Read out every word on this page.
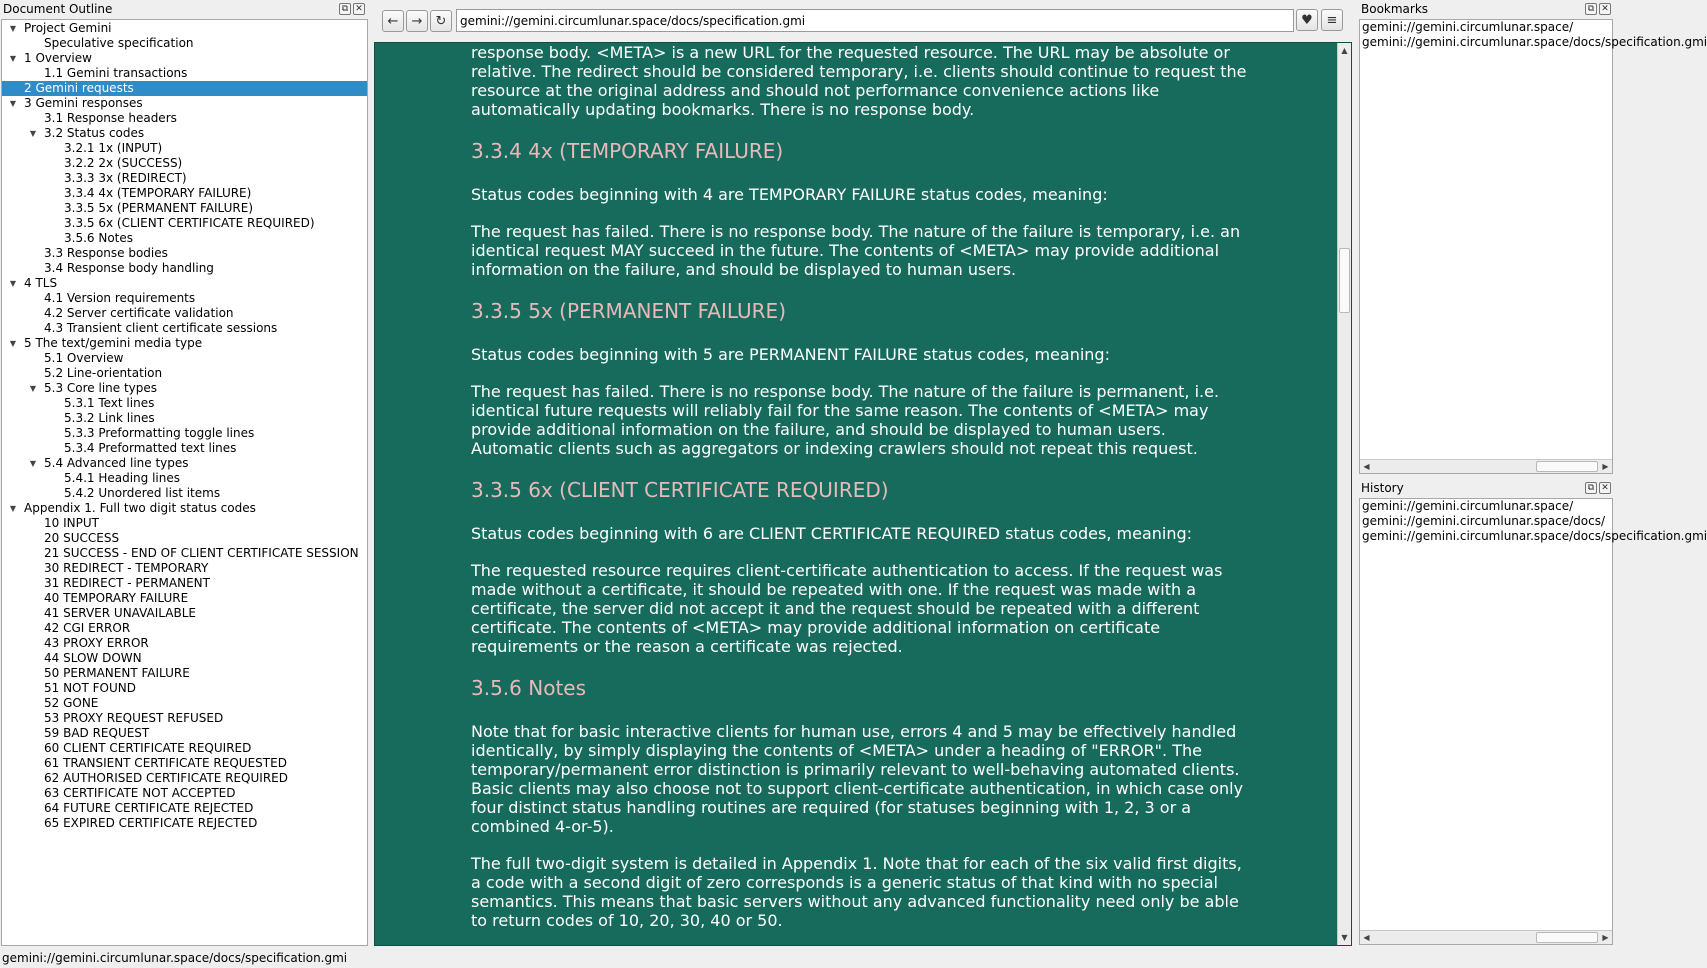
Document Outline	⧉ ✕
▼ Project Gemini
Speculative specification
▼ 1 Overview
1.1 Gemini transactions
2 Gemini requests
▼ 3 Gemini responses
3.1 Response headers
▼ 3.2 Status codes
3.2.1 1x (INPUT)
3.2.2 2x (SUCCESS)
3.3.3 3x (REDIRECT)
3.3.4 4x (TEMPORARY FAILURE)
3.3.5 5x (PERMANENT FAILURE)
3.3.5 6x (CLIENT CERTIFICATE REQUIRED)
3.5.6 Notes
3.3 Response bodies
3.4 Response body handling
▼ 4 TLS
4.1 Version requirements
4.2 Server certificate validation
4.3 Transient client certificate sessions
▼ 5 The text/gemini media type
5.1 Overview
5.2 Line-orientation
▼ 5.3 Core line types
5.3.1 Text lines
5.3.2 Link lines
5.3.3 Preformatting toggle lines
5.3.4 Preformatted text lines
▼ 5.4 Advanced line types
5.4.1 Heading lines
5.4.2 Unordered list items
▼ Appendix 1. Full two digit status codes
10 INPUT
20 SUCCESS
21 SUCCESS - END OF CLIENT CERTIFICATE SESSION
30 REDIRECT - TEMPORARY
31 REDIRECT - PERMANENT
40 TEMPORARY FAILURE
41 SERVER UNAVAILABLE
42 CGI ERROR
43 PROXY ERROR
44 SLOW DOWN
50 PERMANENT FAILURE
51 NOT FOUND
52 GONE
53 PROXY REQUEST REFUSED
59 BAD REQUEST
60 CLIENT CERTIFICATE REQUIRED
61 TRANSIENT CERTIFICATE REQUESTED
62 AUTHORISED CERTIFICATE REQUIRED
63 CERTIFICATE NOT ACCEPTED
64 FUTURE CERTIFICATE REJECTED
65 EXPIRED CERTIFICATE REJECTED
← → ↻
gemini://gemini.circumlunar.space/docs/specification.gmi	♥ ≡

response body. <META> is a new URL for the requested resource. The URL may be absolute or relative. The redirect should be considered temporary, i.e. clients should continue to request the resource at the original address and should not performance convenience actions like automatically updating bookmarks. There is no response body.

3.3.4 4x (TEMPORARY FAILURE)

Status codes beginning with 4 are TEMPORARY FAILURE status codes, meaning:

The request has failed. There is no response body. The nature of the failure is temporary, i.e. an identical request MAY succeed in the future. The contents of <META> may provide additional information on the failure, and should be displayed to human users.

3.3.5 5x (PERMANENT FAILURE)

Status codes beginning with 5 are PERMANENT FAILURE status codes, meaning:

The request has failed. There is no response body. The nature of the failure is permanent, i.e. identical future requests will reliably fail for the same reason. The contents of <META> may provide additional information on the failure, and should be displayed to human users. Automatic clients such as aggregators or indexing crawlers should not repeat this request.

3.3.5 6x (CLIENT CERTIFICATE REQUIRED)

Status codes beginning with 6 are CLIENT CERTIFICATE REQUIRED status codes, meaning:

The requested resource requires client-certificate authentication to access. If the request was made without a certificate, it should be repeated with one. If the request was made with a certificate, the server did not accept it and the request should be repeated with a different certificate. The contents of <META> may provide additional information on certificate requirements or the reason a certificate was rejected.

3.5.6 Notes

Note that for basic interactive clients for human use, errors 4 and 5 may be effectively handled identically, by simply displaying the contents of <META> under a heading of "ERROR". The temporary/permanent error distinction is primarily relevant to well-behaving automated clients. Basic clients may also choose not to support client-certificate authentication, in which case only four distinct status handling routines are required (for statuses beginning with 1, 2, 3 or a combined 4-or-5).

The full two-digit system is detailed in Appendix 1. Note that for each of the six valid first digits, a code with a second digit of zero corresponds is a generic status of that kind with no special semantics. This means that basic servers without any advanced functionality need only be able to return codes of 10, 20, 30, 40 or 50.

▲
▼
Bookmarks	⧉ ✕
gemini://gemini.circumlunar.space/
gemini://gemini.circumlunar.space/docs/specification.gmi
◀	▶
History	⧉ ✕
gemini://gemini.circumlunar.space/
gemini://gemini.circumlunar.space/docs/
gemini://gemini.circumlunar.space/docs/specification.gmi
◀	▶
gemini://gemini.circumlunar.space/docs/specification.gmi
